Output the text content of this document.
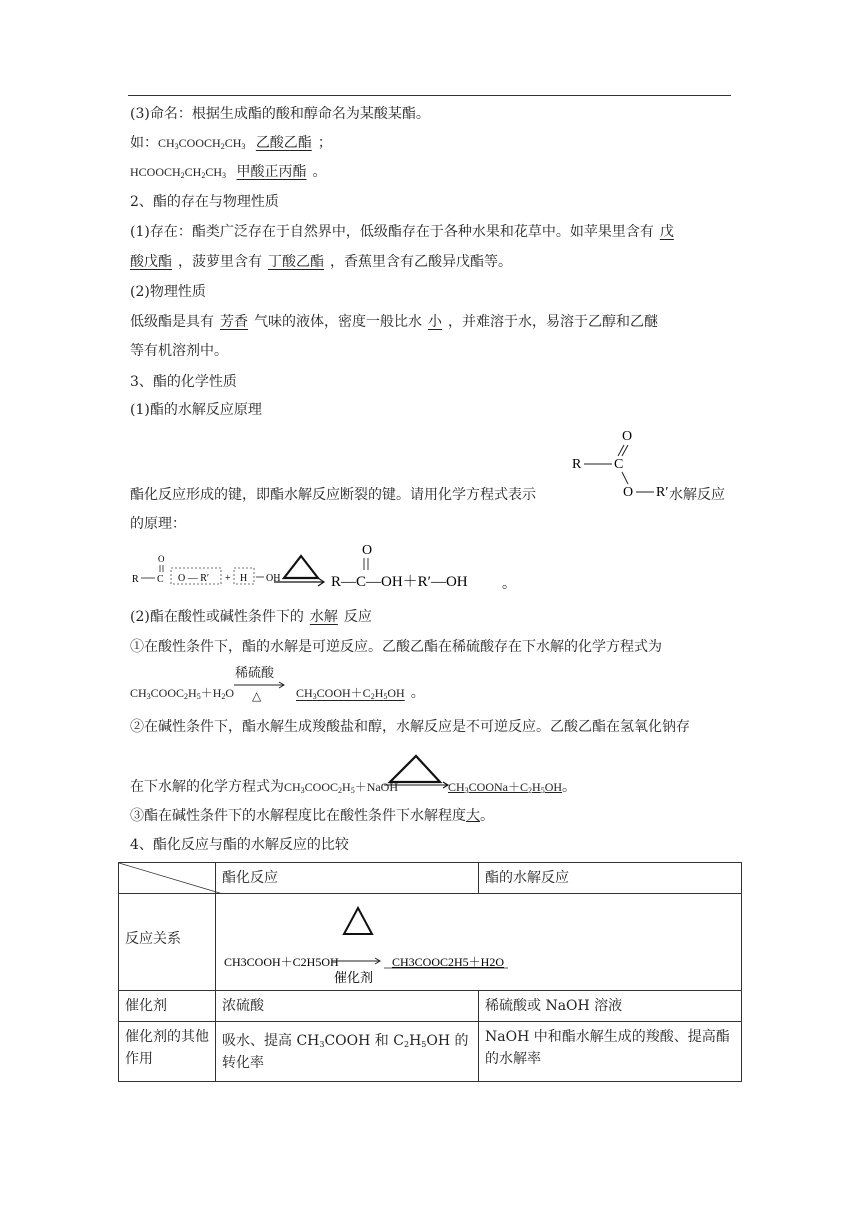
(3)命名：根据生成酯的酸和醇命名为某酸某酯。
如：$CH_3COOCH_2CH_3$ 乙酸乙酯 ；
$HCOOCH_2CH_2CH_3$ 甲酸正丙酯 。
2、酯的存在与物理性质
(1)存在：酯类广泛存在于自然界中，低级酯存在于各种水果和花草中。如苹果里含有 戊
酸戊酯 ，菠萝里含有 丁酸乙酯 ，香蕉里含有乙酸异戊酯等。
(2)物理性质
低级酯是具有 芳香 气味的液体，密度一般比水 小 ，并难溶于水，易溶于乙醇和乙醚
等有机溶剂中。
3、酯的化学性质
(1)酯的水解反应原理
O
R C
O R′
酯化反应形成的键，即酯水解反应断裂的键。请用化学方程式表示	水解反应
的原理：
O
R C O — R′ + H OH
O
R—C—OH＋R′—OH 。
(2)酯在酸性或碱性条件下的 水解 反应
①在酸性条件下，酯的水解是可逆反应。乙酸乙酯在稀硫酸存在下水解的化学方程式为
$CH_3COOC_2H_5+H_2O$
稀硫酸
△	$CH_3COOH+C_2H_5OH$ 。
②在碱性条件下，酯水解生成羧酸盐和醇，水解反应是不可逆反应。乙酸乙酯在氢氧化钠存
在下水解的化学方程式为$CH_3COOC_2H_5+NaOH$	$CH_3COONa+C_2H_5OH$。
③酯在碱性条件下的水解程度比在酸性条件下水解程度大。
4、酯化反应与酯的水解反应的比较
	酯化反应	酯的水解反应
反应关系	CH3COOH＋C2H5OH
催化剂
CH3COOC2H5＋H2O	

催化剂	浓硫酸	稀硫酸或 NaOH 溶液
催化剂的其他作用	吸水、提高 $CH_3COOH$ 和 $C_2H_5OH$ 的转化率	NaOH 中和酯水解生成的羧酸、提高酯的水解率
